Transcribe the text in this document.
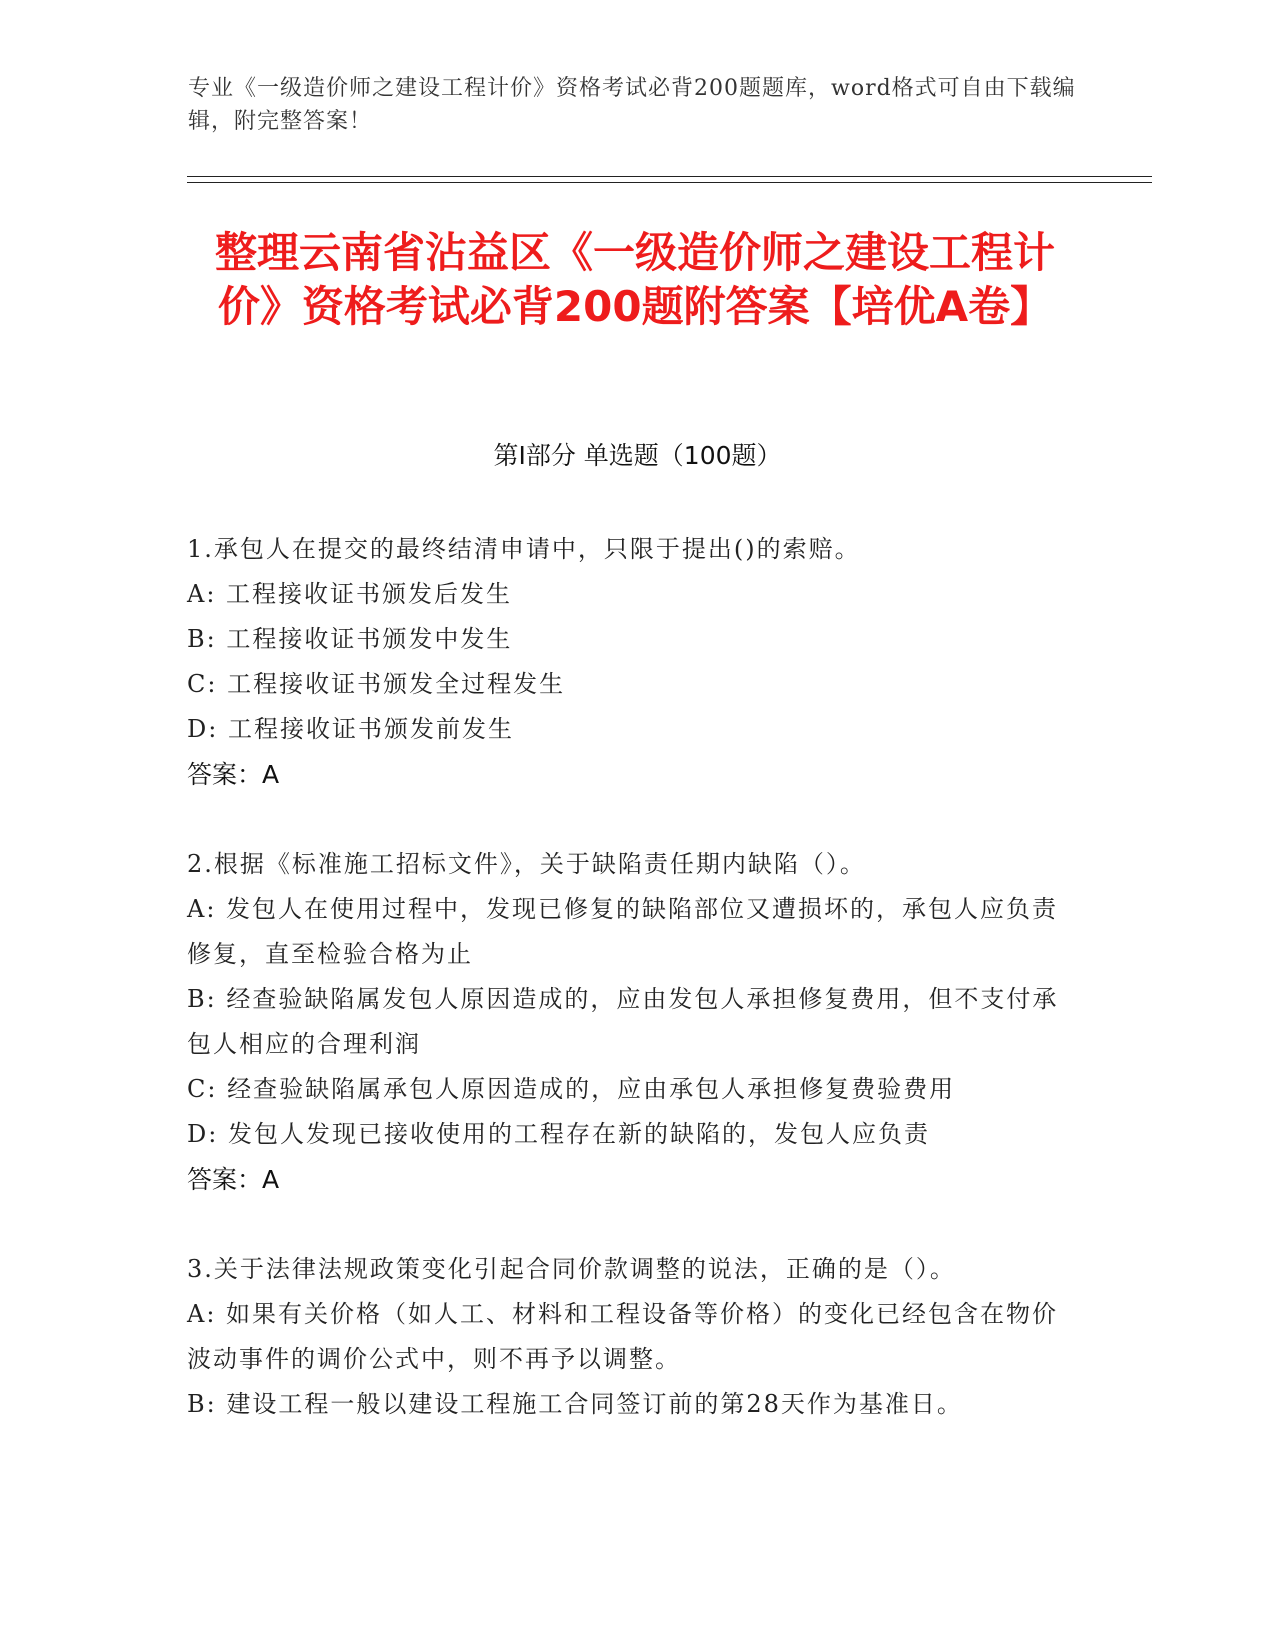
专业《一级造价师之建设工程计价》资格考试必背200题题库，word格式可自由下载编辑，附完整答案！
整理云南省沾益区《一级造价师之建设工程计价》资格考试必背200题附答案【培优A卷】
第I部分 单选题（100题）
1.承包人在提交的最终结清申请中，只限于提出()的索赔。
A: 工程接收证书颁发后发生
B: 工程接收证书颁发中发生
C: 工程接收证书颁发全过程发生
D: 工程接收证书颁发前发生
答案：A
2.根据《标准施工招标文件》，关于缺陷责任期内缺陷（）。
A: 发包人在使用过程中，发现已修复的缺陷部位又遭损坏的，承包人应负责修复，直至检验合格为止
B: 经查验缺陷属发包人原因造成的，应由发包人承担修复费用，但不支付承包人相应的合理利润
C: 经查验缺陷属承包人原因造成的，应由承包人承担修复费验费用
D: 发包人发现已接收使用的工程存在新的缺陷的，发包人应负责
答案：A
3.关于法律法规政策变化引起合同价款调整的说法，正确的是（）。
A: 如果有关价格（如人工、材料和工程设备等价格）的变化已经包含在物价波动事件的调价公式中，则不再予以调整。
B: 建设工程一般以建设工程施工合同签订前的第28天作为基准日。
